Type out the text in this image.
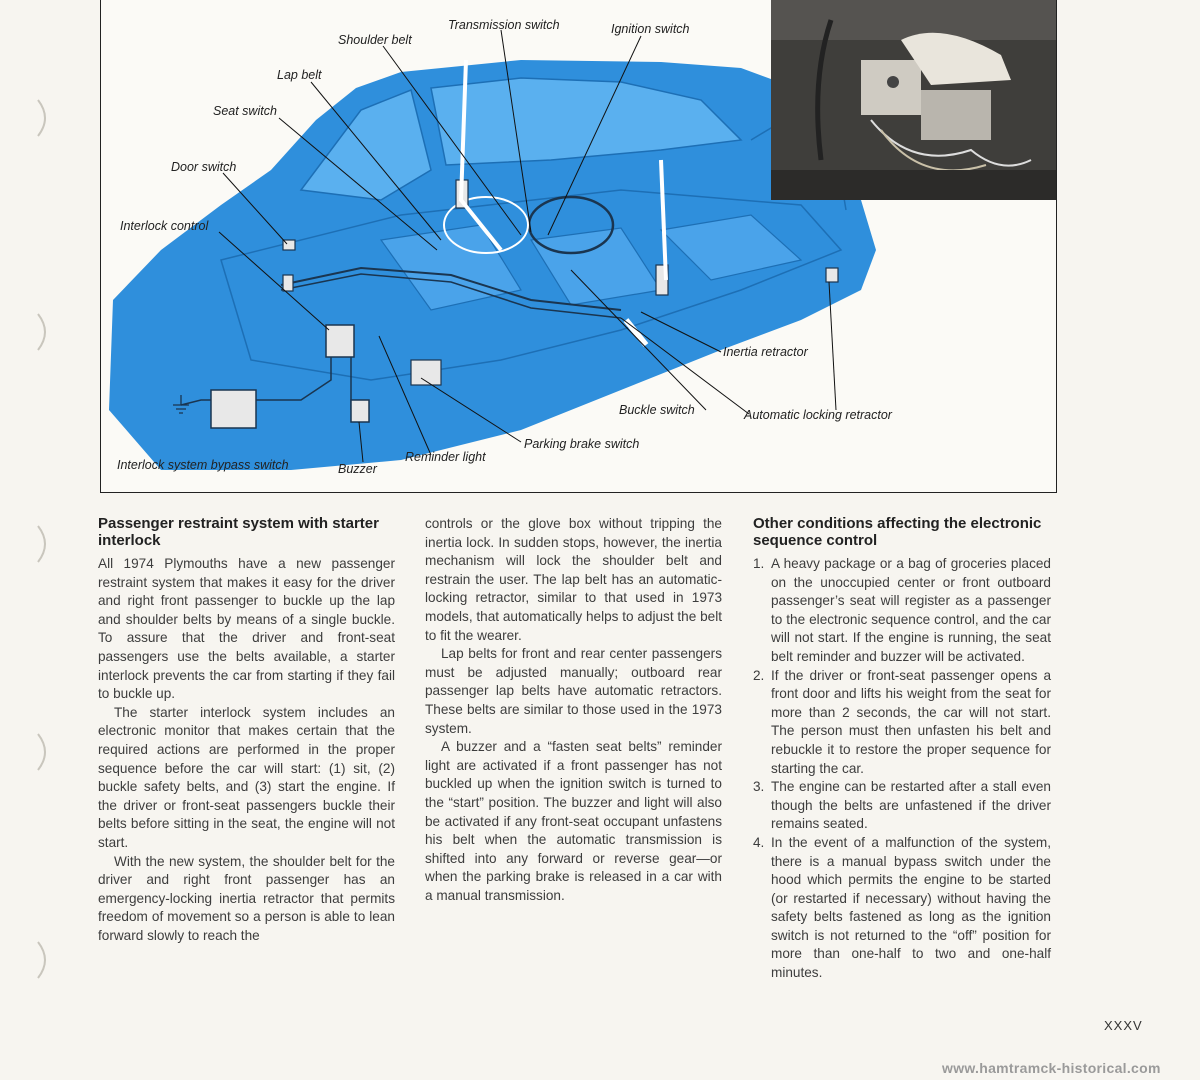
Shoulder belt
Transmission switch	Ignition switch
Lap belt
Seat switch
Door switch
Interlock control
Inertia retractor
Buckle switch	Automatic locking retractor
Parking brake switch
Reminder light
Interlock system bypass switch	Buzzer
Passenger restraint system with starter interlock

All 1974 Plymouths have a new passenger restraint system that makes it easy for the driver and right front passenger to buckle up the lap and shoulder belts by means of a single buckle. To assure that the driver and front-seat passengers use the belts available, a starter interlock prevents the car from starting if they fail to buckle up.

The starter interlock system includes an electronic monitor that makes certain that the required actions are performed in the proper sequence before the car will start: (1) sit, (2) buckle safety belts, and (3) start the engine. If the driver or front-seat passengers buckle their belts before sitting in the seat, the engine will not start.

With the new system, the shoulder belt for the driver and right front passenger has an emergency-locking inertia retractor that permits freedom of movement so a person is able to lean forward slowly to reach the

controls or the glove box without tripping the inertia lock. In sudden stops, however, the inertia mechanism will lock the shoulder belt and restrain the user. The lap belt has an automatic-locking retractor, similar to that used in 1973 models, that automatically helps to adjust the belt to fit the wearer.

Lap belts for front and rear center passengers must be adjusted manually; outboard rear passenger lap belts have automatic retractors. These belts are similar to those used in the 1973 system.

A buzzer and a “fasten seat belts” reminder light are activated if a front passenger has not buckled up when the ignition switch is turned to the “start” position. The buzzer and light will also be activated if any front-seat occupant unfastens his belt when the automatic transmission is shifted into any forward or reverse gear—or when the parking brake is released in a car with a manual transmission.

Other conditions affecting the electronic sequence control
1. A heavy package or a bag of groceries placed on the unoccupied center or front outboard passenger’s seat will register as a passenger to the electronic sequence control, and the car will not start. If the engine is running, the seat belt reminder and buzzer will be activated.
2. If the driver or front-seat passenger opens a front door and lifts his weight from the seat for more than 2 seconds, the car will not start. The person must then unfasten his belt and rebuckle it to restore the proper sequence for starting the car.
3. The engine can be restarted after a stall even though the belts are unfastened if the driver remains seated.
4. In the event of a malfunction of the system, there is a manual bypass switch under the hood which permits the engine to be started (or restarted if necessary) without having the safety belts fastened as long as the ignition switch is not returned to the “off” position for more than one-half to two and one-half minutes.
XXXV
www.hamtramck-historical.com
